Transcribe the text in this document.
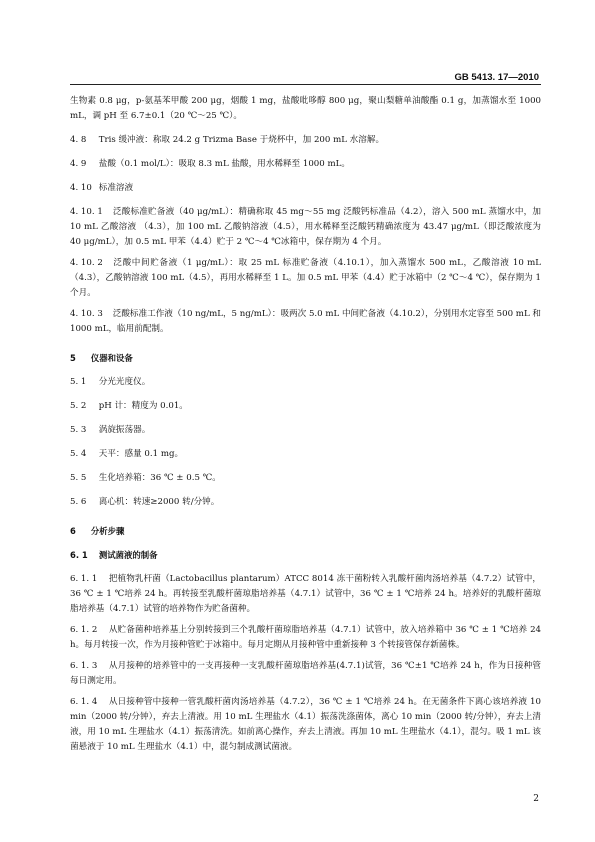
GB 5413. 17—2010

生物素 0.8 μg，p-氨基苯甲酸 200 μg，烟酸 1 mg，盐酸吡哆醇 800 μg，聚山梨糖单油酸酯 0.1 g，加蒸馏水至 1000 mL，调 pH 至 6.7±0.1（20 ℃～25 ℃）。

4. 8 Tris 缓冲液：称取 24.2 g Trizma Base 于烧杯中，加 200 mL 水溶解。

4. 9 盐酸（0.1 mol/L）：吸取 8.3 mL 盐酸，用水稀释至 1000 mL。

4. 10 标准溶液

4. 10. 1 泛酸标准贮备液（40 μg/mL）：精确称取 45 mg～55 mg 泛酸钙标准品（4.2），溶入 500 mL 蒸馏水中，加 10 mL 乙酸溶液 （4.3），加 100 mL 乙酸钠溶液（4.5），用水稀释至泛酸钙精确浓度为 43.47 μg/mL（即泛酸浓度为 40 μg/mL），加 0.5 mL 甲苯（4.4）贮于 2 ℃～4 ℃冰箱中，保存期为 4 个月。

4. 10. 2 泛酸中间贮备液（1 μg/mL）：取 25 mL 标准贮备液（4.10.1），加入蒸馏水 500 mL，乙酸溶液 10 mL（4.3），乙酸钠溶液 100 mL（4.5），再用水稀释至 1 L。加 0.5 mL 甲苯（4.4）贮于冰箱中（2 ℃～4 ℃），保存期为 1 个月。

4. 10. 3 泛酸标准工作液（10 ng/mL，5 ng/mL）：吸两次 5.0 mL 中间贮备液（4.10.2），分别用水定容至 500 mL 和 1000 mL，临用前配制。

5 仪器和设备

5. 1 分光光度仪。

5. 2 pH 计：精度为 0.01。

5. 3 涡旋振荡器。

5. 4 天平：感量 0.1 mg。

5. 5 生化培养箱：36 ℃ ± 0.5 ℃。

5. 6 离心机：转速≥2000 转/分钟。

6 分析步骤

6. 1 测试菌液的制备

6. 1. 1 把植物乳杆菌（Lactobacillus plantarum）ATCC 8014 冻干菌粉转入乳酸杆菌肉汤培养基（4.7.2）试管中，36 ℃ ± 1 ℃培养 24 h。再转接至乳酸杆菌琼脂培养基（4.7.1）试管中，36 ℃ ± 1 ℃培养 24 h。培养好的乳酸杆菌琼脂培养基（4.7.1）试管的培养物作为贮备菌种。

6. 1. 2 从贮备菌种培养基上分别转接到三个乳酸杆菌琼脂培养基（4.7.1）试管中，放入培养箱中 36 ℃ ± 1 ℃培养 24 h。每月转接一次，作为月接种管贮于冰箱中。每月定期从月接种管中重新接种 3 个转接管保存新菌株。

6. 1. 3 从月接种的培养管中的一支再接种一支乳酸杆菌琼脂培养基(4.7.1)试管，36 ℃±1 ℃培养 24 h，作为日接种管每日测定用。

6. 1. 4 从日接种管中接种一管乳酸杆菌肉汤培养基（4.7.2），36 ℃ ± 1 ℃培养 24 h。在无菌条件下离心该培养液 10 min（2000 转/分钟），弃去上清液。用 10 mL 生理盐水（4.1）振荡洗涤菌体，离心 10 min（2000 转/分钟），弃去上清液，用 10 mL 生理盐水（4.1）振荡清洗。如前离心操作，弃去上清液。再加 10 mL 生理盐水（4.1），混匀。吸 1 mL 该菌悬液于 10 mL 生理盐水（4.1）中，混匀制成测试菌液。

2
